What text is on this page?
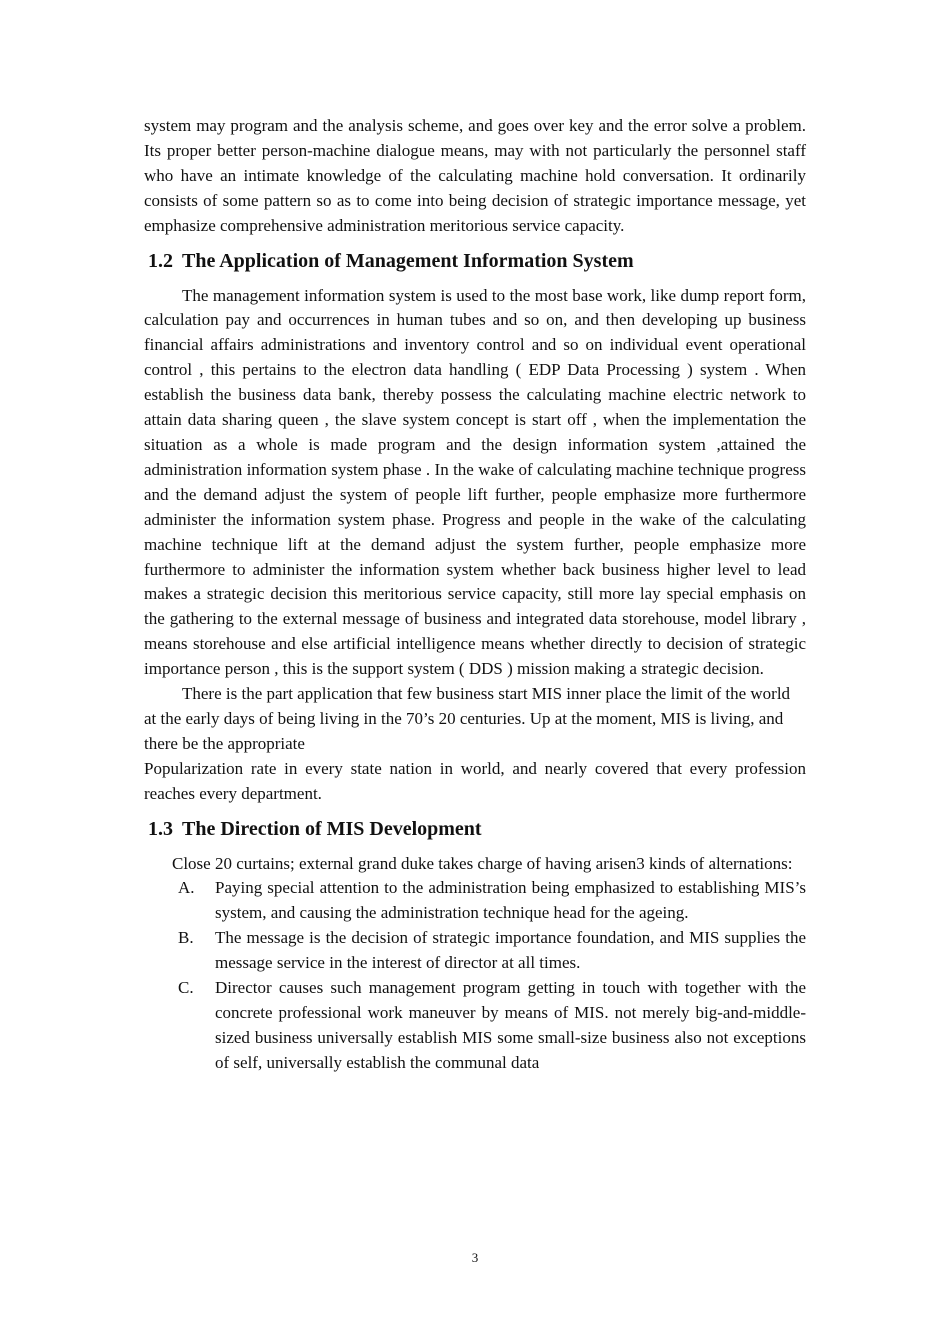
system may program and the analysis scheme, and goes over key and the error solve a problem. Its proper better person-machine dialogue means, may with not particularly the personnel staff who have an intimate knowledge of the calculating machine hold conversation. It ordinarily consists of some pattern so as to come into being decision of strategic importance message, yet emphasize comprehensive administration meritorious service capacity.

1.2 The Application of Management Information System

The management information system is used to the most base work, like dump report form, calculation pay and occurrences in human tubes and so on, and then developing up business financial affairs administrations and inventory control and so on individual event operational control , this pertains to the electron data handling ( EDP Data Processing ) system . When establish the business data bank, thereby possess the calculating machine electric network to attain data sharing queen , the slave system concept is start off , when the implementation the situation as a whole is made program and the design information system ,attained the administration information system phase . In the wake of calculating machine technique progress and the demand adjust the system of people lift further, people emphasize more furthermore administer the information system phase. Progress and people in the wake of the calculating machine technique lift at the demand adjust the system further, people emphasize more furthermore to administer the information system whether back business higher level to lead makes a strategic decision this meritorious service capacity, still more lay special emphasis on the gathering to the external message of business and integrated data storehouse, model library , means storehouse and else artificial intelligence means whether directly to decision of strategic importance person , this is the support system ( DDS ) mission making a strategic decision.

There is the part application that few business start MIS inner place the limit of the world at the early days of being living in the 70’s 20 centuries. Up at the moment, MIS is living, and there be the appropriate

Popularization rate in every state nation in world, and nearly covered that every profession reaches every department.

1.3 The Direction of MIS Development

Close 20 curtains; external grand duke takes charge of having arisen3 kinds of alternations:

A.	Paying special attention to the administration being emphasized to establishing MIS’s system, and causing the administration technique head for the ageing.
B.	The message is the decision of strategic importance foundation, and MIS supplies the message service in the interest of director at all times.
C.	Director causes such management program getting in touch with together with the concrete professional work maneuver by means of MIS. not merely big-and-middle-sized business universally establish MIS some small-size business also not exceptions of self, universally establish the communal data
3
